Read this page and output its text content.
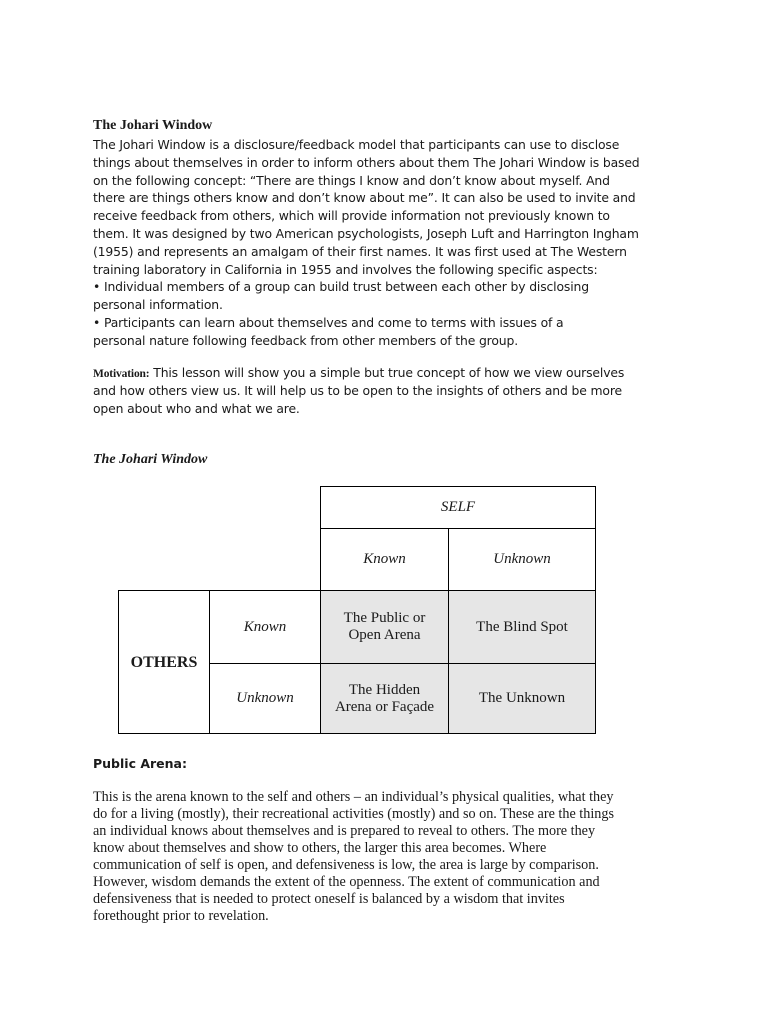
The Johari Window
The Johari Window is a disclosure/feedback model that participants can use to disclose
things about themselves in order to inform others about them The Johari Window is based
on the following concept: “There are things I know and don’t know about myself. And
there are things others know and don’t know about me”. It can also be used to invite and
receive feedback from others, which will provide information not previously known to
them. It was designed by two American psychologists, Joseph Luft and Harrington Ingham
(1955) and represents an amalgam of their first names. It was first used at The Western
training laboratory in California in 1955 and involves the following specific aspects:
• Individual members of a group can build trust between each other by disclosing
personal information.
• Participants can learn about themselves and come to terms with issues of a
personal nature following feedback from other members of the group.
Motivation: This lesson will show you a simple but true concept of how we view ourselves
and how others view us. It will help us to be open to the insights of others and be more
open about who and what we are.
The Johari Window
SELF
Known	Unknown
OTHERS
Known
Unknown
The Public or
Open Arena
The Blind Spot
The Hidden
Arena or Façade
The Unknown
Public Arena:
This is the arena known to the self and others – an individual’s physical qualities, what they
do for a living (mostly), their recreational activities (mostly) and so on. These are the things
an individual knows about themselves and is prepared to reveal to others. The more they
know about themselves and show to others, the larger this area becomes. Where
communication of self is open, and defensiveness is low, the area is large by comparison.
However, wisdom demands the extent of the openness. The extent of communication and
defensiveness that is needed to protect oneself is balanced by a wisdom that invites
forethought prior to revelation.
